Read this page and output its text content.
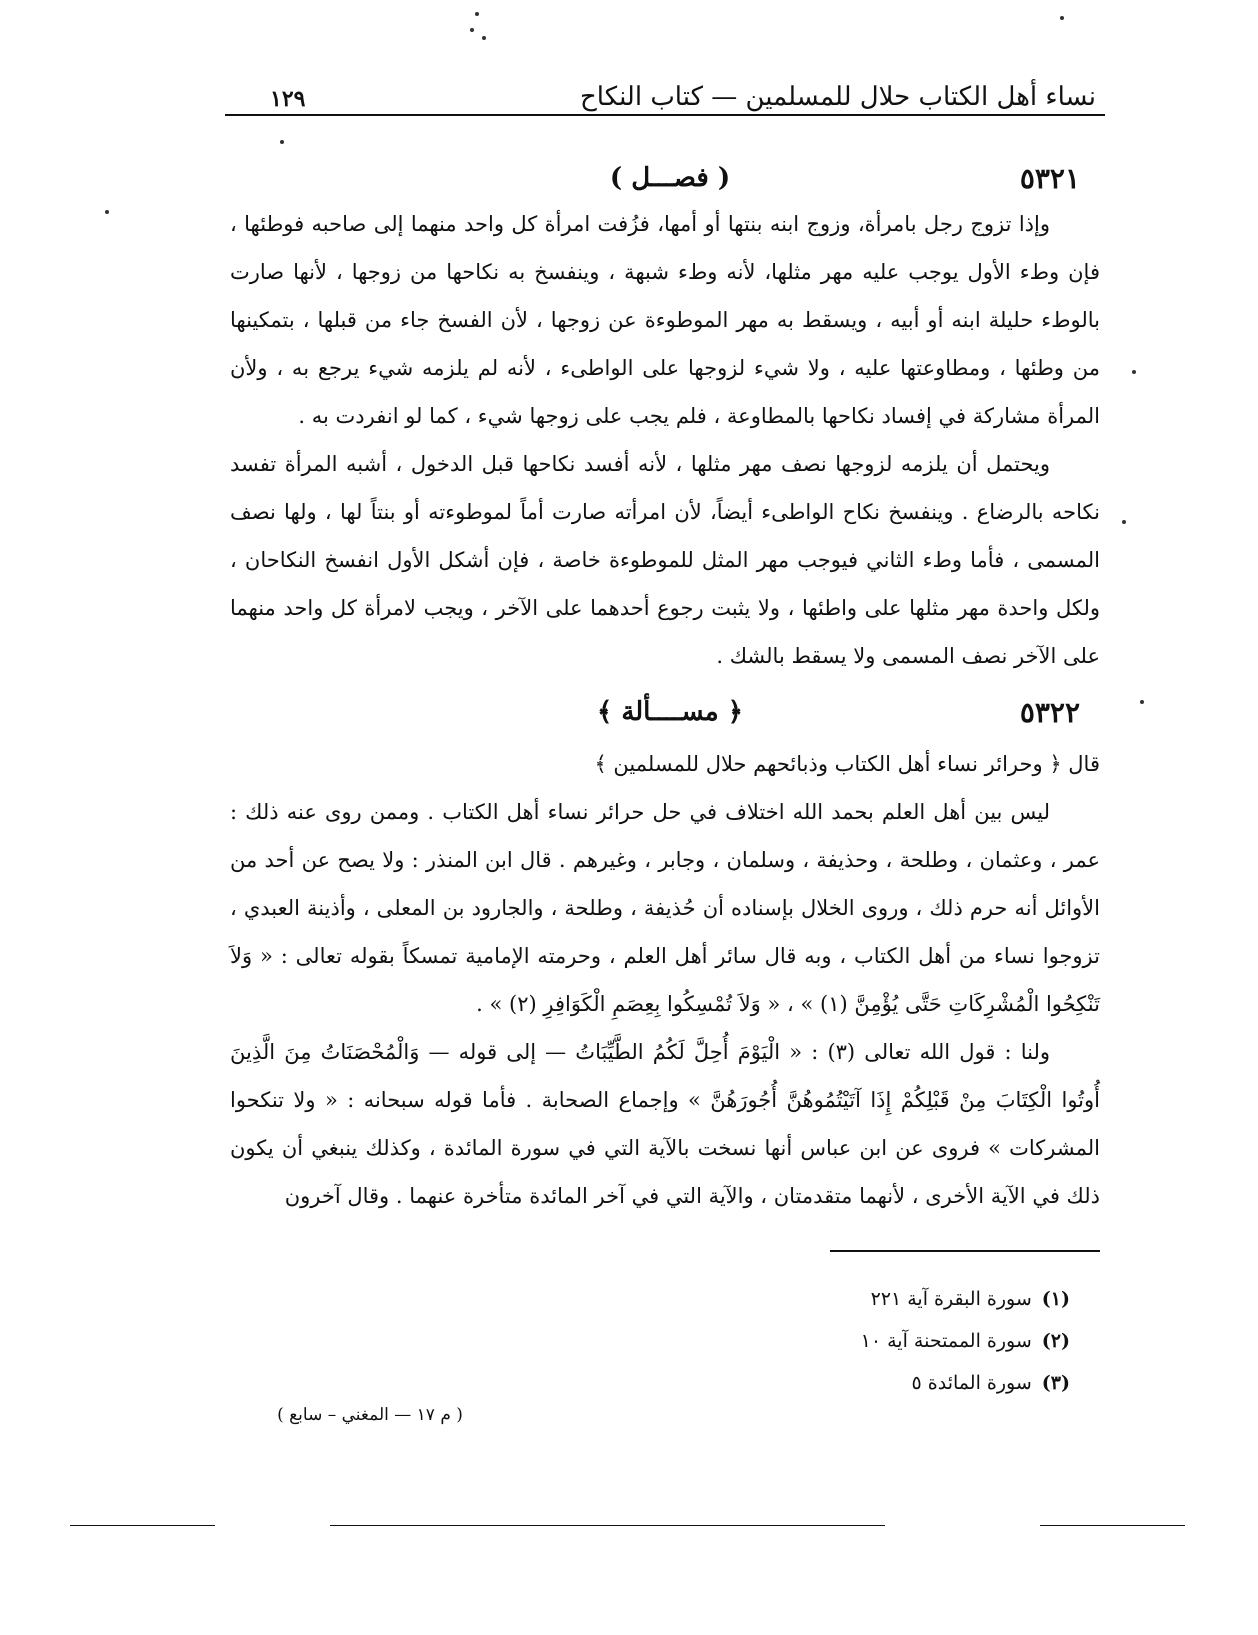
١٢٩	نساء أهل الكتاب حلال للمسلمين — كتاب النكاح
٥٣٢١
( فصـــل )

وإذا تزوج رجل بامرأة، وزوج ابنه بنتها أو أمها، فزُفت امرأة كل واحد منهما إلى صاحبه فوطئها ، فإن وطء الأول يوجب عليه مهر مثلها، لأنه وطء شبهة ، وينفسخ به نكاحها من زوجها ، لأنها صارت بالوطء حليلة ابنه أو أبيه ، ويسقط به مهر الموطوءة عن زوجها ، لأن الفسخ جاء من قبلها ، بتمكينها من وطئها ، ومطاوعتها عليه ، ولا شيء لزوجها على الواطىء ، لأنه لم يلزمه شيء يرجع به ، ولأن المرأة مشاركة في إفساد نكاحها بالمطاوعة ، فلم يجب على زوجها شيء ، كما لو انفردت به .

ويحتمل أن يلزمه لزوجها نصف مهر مثلها ، لأنه أفسد نكاحها قبل الدخول ، أشبه المرأة تفسد نكاحه بالرضاع . وينفسخ نكاح الواطىء أيضاً، لأن امرأته صارت أماً لموطوءته أو بنتاً لها ، ولها نصف المسمى ، فأما وطء الثاني فيوجب مهر المثل للموطوءة خاصة ، فإن أشكل الأول انفسخ النكاحان ، ولكل واحدة مهر مثلها على واطئها ، ولا يثبت رجوع أحدهما على الآخر ، ويجب لامرأة كل واحد منهما على الآخر نصف المسمى ولا يسقط بالشك .

٥٣٢٢
﴿ مســــألة ﴾

قال ﴿ وحرائر نساء أهل الكتاب وذبائحهم حلال للمسلمين ﴾

ليس بين أهل العلم بحمد الله اختلاف في حل حرائر نساء أهل الكتاب . وممن روى عنه ذلك : عمر ، وعثمان ، وطلحة ، وحذيفة ، وسلمان ، وجابر ، وغيرهم . قال ابن المنذر : ولا يصح عن أحد من الأوائل أنه حرم ذلك ، وروى الخلال بإسناده أن حُذيفة ، وطلحة ، والجارود بن المعلى ، وأذينة العبدي ، تزوجوا نساء من أهل الكتاب ، وبه قال سائر أهل العلم ، وحرمته الإمامية تمسكاً بقوله تعالى : « وَلاَ تَنْكِحُوا الْمُشْرِكَاتِ حَتَّى يُؤْمِنَّ (١) » ، « وَلاَ تُمْسِكُوا بِعِصَمِ الْكَوَافِرِ (٢) » .

ولنا : قول الله تعالى (٣) : « الْيَوْمَ أُحِلَّ لَكُمُ الطَّيِّبَاتُ — إلى قوله — وَالْمُحْصَنَاتُ مِنَ الَّذِينَ أُوتُوا الْكِتَابَ مِنْ قَبْلِكُمْ إِذَا آتَيْتُمُوهُنَّ أُجُورَهُنَّ » وإجماع الصحابة . فأما قوله سبحانه : « ولا تنكحوا المشركات » فروى عن ابن عباس أنها نسخت بالآية التي في سورة المائدة ، وكذلك ينبغي أن يكون ذلك في الآية الأخرى ، لأنهما متقدمتان ، والآية التي في آخر المائدة متأخرة عنهما . وقال آخرون

(١)
سورة البقرة آية ٢٢١
(٢)
سورة الممتحنة آية ١٠
(٣)
سورة المائدة ٥
( م ١٧ — المغني – سابع )
